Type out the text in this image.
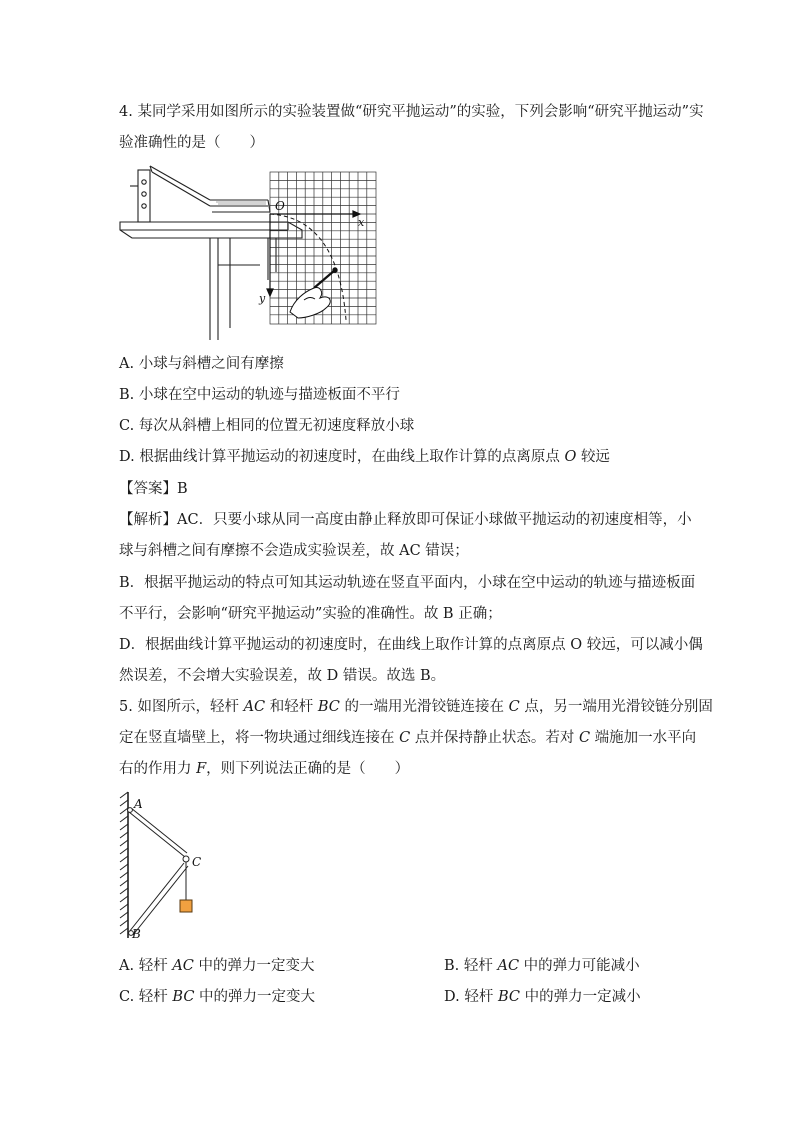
4. 某同学采用如图所示的实验装置做“研究平抛运动”的实验，下列会影响“研究平抛运动”实
验准确性的是（　　）
O
x
y
A. 小球与斜槽之间有摩擦
B. 小球在空中运动的轨迹与描迹板面不平行
C. 每次从斜槽上相同的位置无初速度释放小球
D. 根据曲线计算平抛运动的初速度时，在曲线上取作计算的点离原点 O 较远
【答案】B
【解析】AC．只要小球从同一高度由静止释放即可保证小球做平抛运动的初速度相等，小
球与斜槽之间有摩擦不会造成实验误差，故 AC 错误；
B．根据平抛运动的特点可知其运动轨迹在竖直平面内，小球在空中运动的轨迹与描迹板面
不平行，会影响“研究平抛运动”实验的准确性。故 B 正确；
D．根据曲线计算平抛运动的初速度时，在曲线上取作计算的点离原点 O 较远，可以减小偶
然误差，不会增大实验误差，故 D 错误。故选 B。
5. 如图所示，轻杆 AC 和轻杆 BC 的一端用光滑铰链连接在 C 点，另一端用光滑铰链分别固
定在竖直墙壁上，将一物块通过细线连接在 C 点并保持静止状态。若对 C 端施加一水平向
右的作用力 F，则下列说法正确的是（　　）
A
C
B
A. 轻杆 AC 中的弹力一定变大	B. 轻杆 AC 中的弹力可能减小
C. 轻杆 BC 中的弹力一定变大	D. 轻杆 BC 中的弹力一定减小
